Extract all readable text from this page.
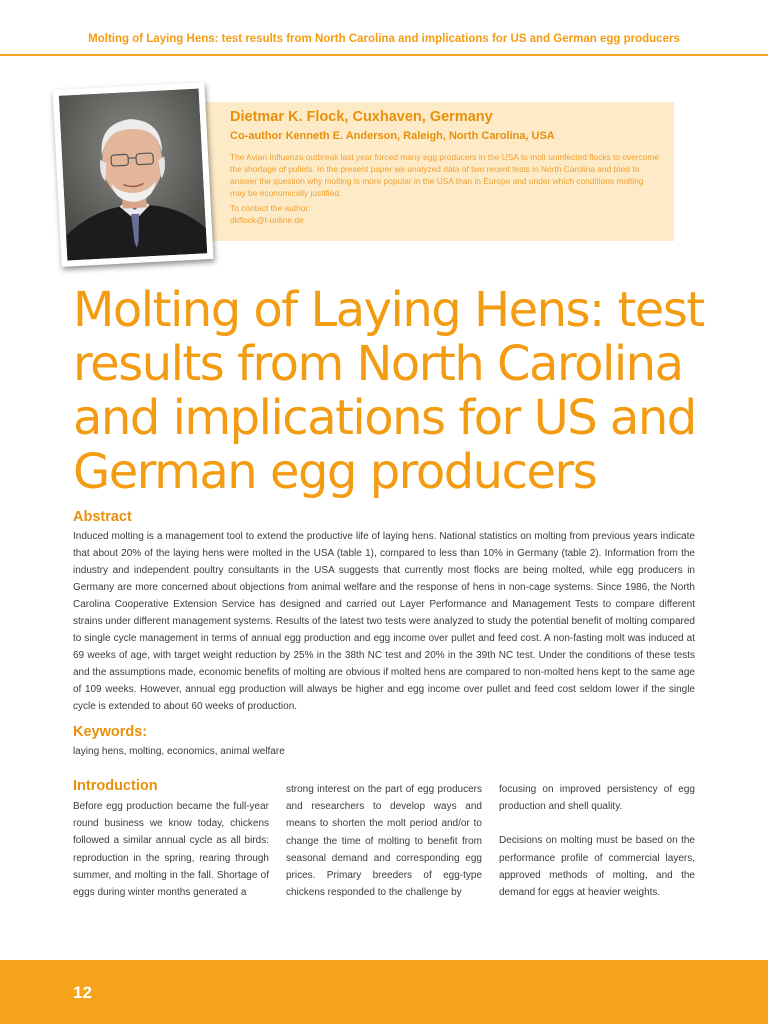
Molting of Laying Hens: test results from North Carolina and implications for US and German egg producers

Dietmar K. Flock, Cuxhaven, Germany

Co-author Kenneth E. Anderson, Raleigh, North Carolina, USA

The Avian Influenza outbreak last year forced many egg producers in the USA to molt uninfected flocks to overcome the shortage of pullets. In the present paper we analyzed data of two recent tests in North Carolina and tried to answer the question why molting is more popular in the USA than in Europe and under which conditions molting may be economically justified.

To contact the author:
dkflock@t-online.de
Molting of Laying Hens: test results from North Carolina and implications for US and German egg producers
Abstract

Induced molting is a management tool to extend the productive life of laying hens. National statistics on molting from previous years indicate that about 20% of the laying hens were molted in the USA (table 1), compared to less than 10% in Germany (table 2). Information from the industry and independent poultry consultants in the USA suggests that currently most flocks are being molted, while egg producers in Germany are more concerned about objections from animal welfare and the response of hens in non-cage systems. Since 1986, the North Carolina Cooperative Extension Service has designed and carried out Layer Performance and Management Tests to compare different strains under different management systems. Results of the latest two tests were analyzed to study the potential benefit of molting compared to single cycle management in terms of annual egg production and egg income over pullet and feed cost. A non-fasting molt was induced at 69 weeks of age, with target weight reduction by 25% in the 38th NC test and 20% in the 39th NC test. Under the conditions of these tests and the assumptions made, economic benefits of molting are obvious if molted hens are compared to non-molted hens kept to the same age of 109 weeks. However, annual egg production will always be higher and egg income over pullet and feed cost seldom lower if the single cycle is extended to about 60 weeks of production.

Keywords:
laying hens, molting, economics, animal welfare
Introduction

Before egg production became the full-year round business we know today, chickens followed a similar annual cycle as all birds: reproduction in the spring, rearing through summer, and molting in the fall. Shortage of eggs during winter months generated a

strong interest on the part of egg producers and researchers to develop ways and means to shorten the molt period and/or to change the time of molting to benefit from seasonal demand and corresponding egg prices. Primary breeders of egg-type chickens responded to the challenge by

focusing on improved persistency of egg production and shell quality.

Decisions on molting must be based on the performance profile of commercial layers, approved methods of molting, and the demand for eggs at heavier weights.

12
